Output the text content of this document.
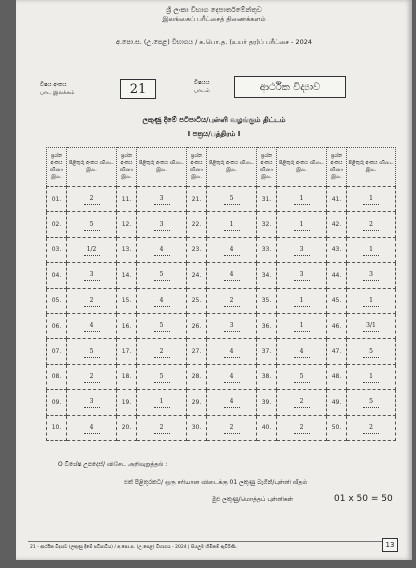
ශ්‍රී ලංකා විභාග දෙපාර්තමේන්තුව
இலங்கைப் பரீட்சைத் திணைக்களம்
අ.පො.ස. (උ.පෙළ) විභාගය / க.பொ.த. (உயர் தர)ப் பரீட்சை - 2024
විෂය අංකය
பாட இலக்கம்	21	විෂයය
பாடம்	ආර්ථික විද්‍යාව
ලකුණු දීමේ පටිපාටිය/புள்ளி வழங்கும் திட்டம்
I පත්‍රය/பத்திரம் I
ප්‍රශ්න අංකය வினா இல.	පිළිතුරු අංකය விடை இல.	ප්‍රශ්න අංකය வினா இல.	පිළිතුරු අංකය விடை இல.	ප්‍රශ්න අංකය வினா இல.	පිළිතුරු අංකය விடை இல.	ප්‍රශ්න අංකය வினா இல.	පිළිතුරු අංකය விடை இல.	ප්‍රශ්න අංකය வினா இல.	පිළිතුරු අංකය விடை இல.
01.	2	11.	3	21.	5	31.	1	41.	1
02.	5	12.	3	22.	1	32.	1	42.	2
03.	1/2	13.	4	23.	4	33.	3	43.	1
04.	3	14.	5	24.	4	34.	3	44.	3
05.	2	15.	4	25.	2	35.	1	45.	1
06.	4	16.	5	26.	3	36.	1	46.	3/1
07.	5	17.	2	27.	4	37.	4	47.	5
08.	2	18.	5	28.	4	38.	5	48.	1
09.	3	19.	1	29.	4	39.	2	49.	5
10.	4	20.	2	30.	2	40.	2	50.	2
O විශේෂ උපදෙස්/ விசேட அறிவுறுத்தல் :
එක් පිළිතුරකට/ ஒரு சரியான விடைக்கு 01 ලකුණු බැගින්/புள்ளி வீதம்
මුළු ලකුණු/மொத்தப் புள்ளிகள்	01 x 50 = 50
21 - ආර්ථික විද්‍යාව (ලකුණු දීමේ පටිපාටිය) / අ.පො.ස. (උ.පෙළ) විභාගය - 2024 | සියලුම හිමිකම් ඇවිරිණි.	13
